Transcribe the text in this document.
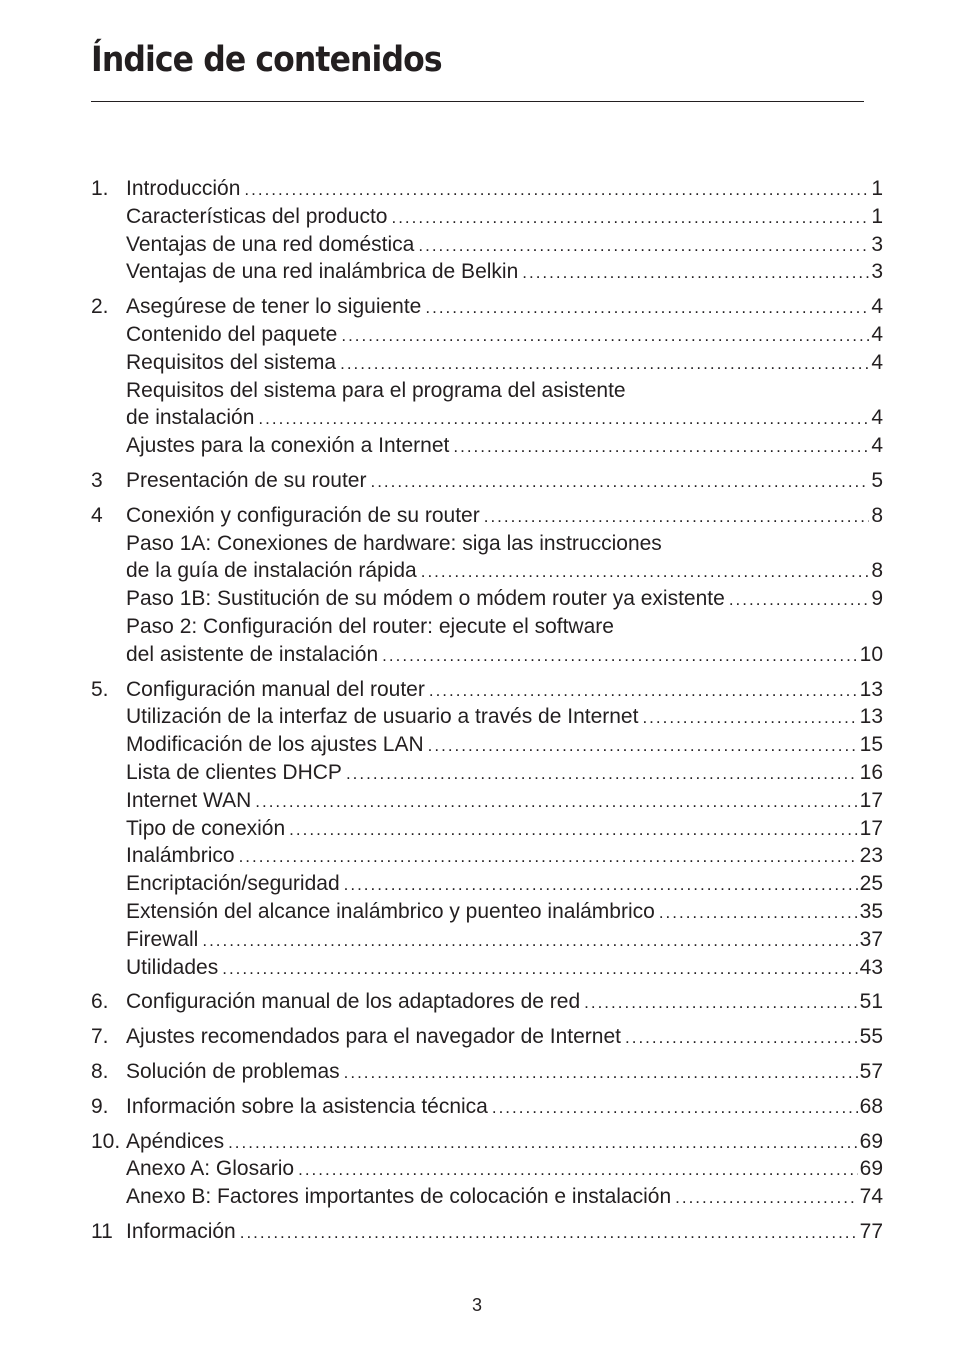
Índice de contenidos
1. Introducción .....	1
Características del producto .....	1
Ventajas de una red doméstica .....	3
Ventajas de una red inalámbrica de Belkin .....	3
2. Asegúrese de tener lo siguiente .....	4
Contenido del paquete .....	4
Requisitos del sistema .....	4
Requisitos del sistema para el programa del asistente
de instalación .....	4
Ajustes para la conexión a Internet .....	4
3 Presentación de su router .....	5
4 Conexión y configuración de su router .....	8
Paso 1A: Conexiones de hardware: siga las instrucciones
de la guía de instalación rápida .....	8
Paso 1B: Sustitución de su módem o módem router ya existente .....	9
Paso 2: Configuración del router: ejecute el software
del asistente de instalación .....	10
5. Configuración manual del router .....	13
Utilización de la interfaz de usuario a través de Internet .....	13
Modificación de los ajustes LAN .....	15
Lista de clientes DHCP .....	16
Internet WAN .....	17
Tipo de conexión .....	17
Inalámbrico .....	23
Encriptación/seguridad .....	25
Extensión del alcance inalámbrico y puenteo inalámbrico .....	35
Firewall .....	37
Utilidades .....	43
6. Configuración manual de los adaptadores de red .....	51
7. Ajustes recomendados para el navegador de Internet .....	55
8. Solución de problemas .....	57
9. Información sobre la asistencia técnica .....	68
10. Apéndices .....	69
Anexo A: Glosario .....	69
Anexo B: Factores importantes de colocación e instalación .....	74
11 Información .....	77
3
